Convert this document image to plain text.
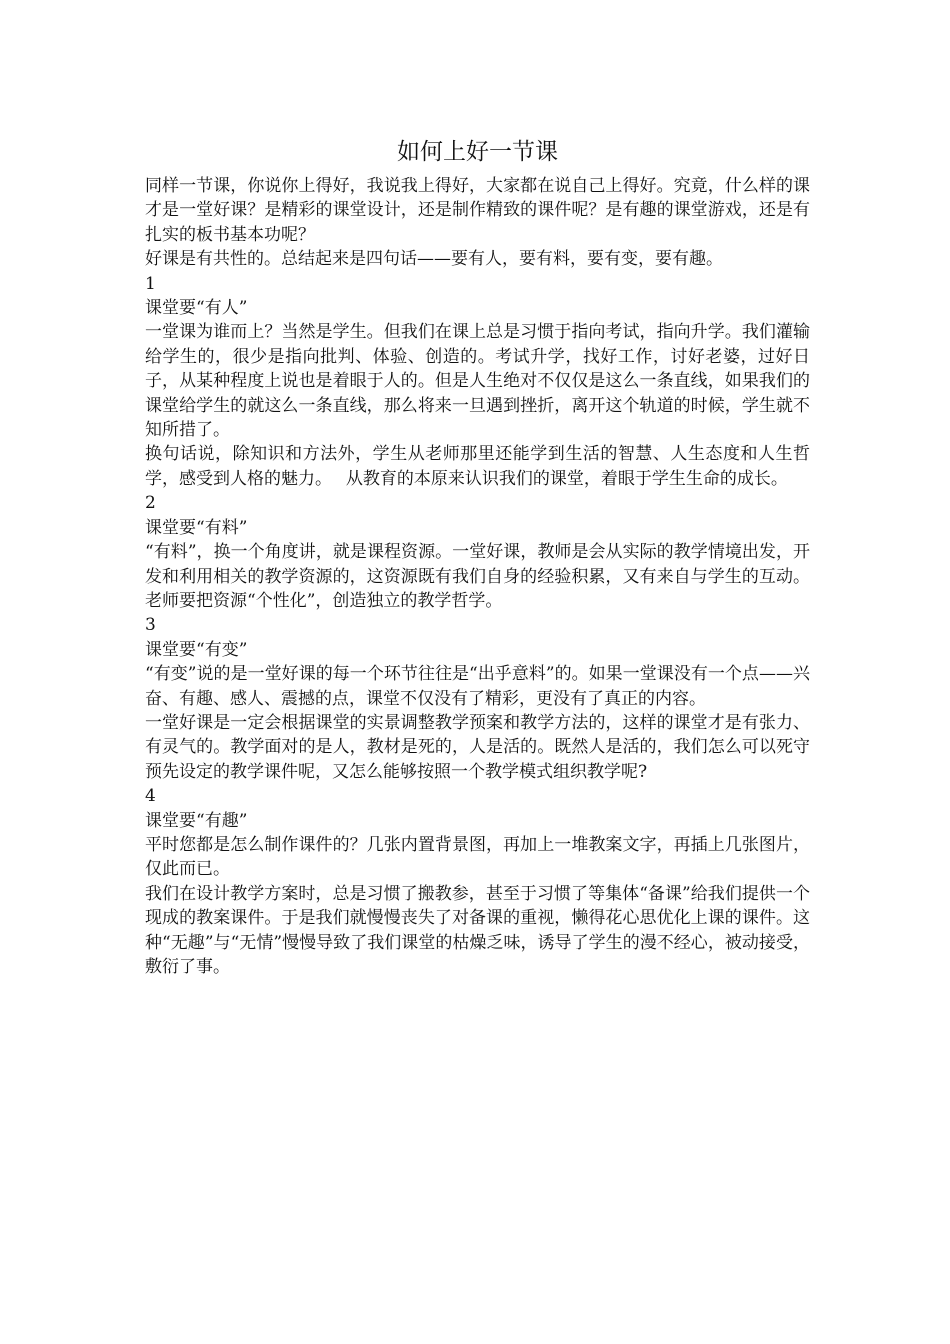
如何上好一节课

同样一节课，你说你上得好，我说我上得好，大家都在说自己上得好。究竟，什么样的课才是一堂好课？是精彩的课堂设计，还是制作精致的课件呢？是有趣的课堂游戏，还是有扎实的板书基本功呢？

好课是有共性的。总结起来是四句话——要有人，要有料，要有变，要有趣。

1

课堂要“有人”

一堂课为谁而上？当然是学生。但我们在课上总是习惯于指向考试，指向升学。我们灌输给学生的，很少是指向批判、体验、创造的。考试升学，找好工作，讨好老婆，过好日子，从某种程度上说也是着眼于人的。但是人生绝对不仅仅是这么一条直线，如果我们的课堂给学生的就这么一条直线，那么将来一旦遇到挫折，离开这个轨道的时候，学生就不知所措了。

换句话说，除知识和方法外，学生从老师那里还能学到生活的智慧、人生态度和人生哲学，感受到人格的魅力。　 从教育的本原来认识我们的课堂，着眼于学生生命的成长。

2

课堂要“有料”

“有料”，换一个角度讲，就是课程资源。一堂好课，教师是会从实际的教学情境出发，开发和利用相关的教学资源的，这资源既有我们自身的经验积累，又有来自与学生的互动。老师要把资源“个性化”，创造独立的教学哲学。

3

课堂要“有变”

“有变”说的是一堂好课的每一个环节往往是“出乎意料”的。如果一堂课没有一个点——兴奋、有趣、感人、震撼的点，课堂不仅没有了精彩，更没有了真正的内容。

一堂好课是一定会根据课堂的实景调整教学预案和教学方法的，这样的课堂才是有张力、有灵气的。教学面对的是人，教材是死的，人是活的。既然人是活的，我们怎么可以死守预先设定的教学课件呢，又怎么能够按照一个教学模式组织教学呢?

4

课堂要“有趣”

平时您都是怎么制作课件的？几张内置背景图，再加上一堆教案文字，再插上几张图片，仅此而已。

我们在设计教学方案时，总是习惯了搬教参，甚至于习惯了等集体“备课”给我们提供一个现成的教案课件。于是我们就慢慢丧失了对备课的重视，懒得花心思优化上课的课件。这种“无趣”与“无情”慢慢导致了我们课堂的枯燥乏味，诱导了学生的漫不经心，被动接受，敷衍了事。
